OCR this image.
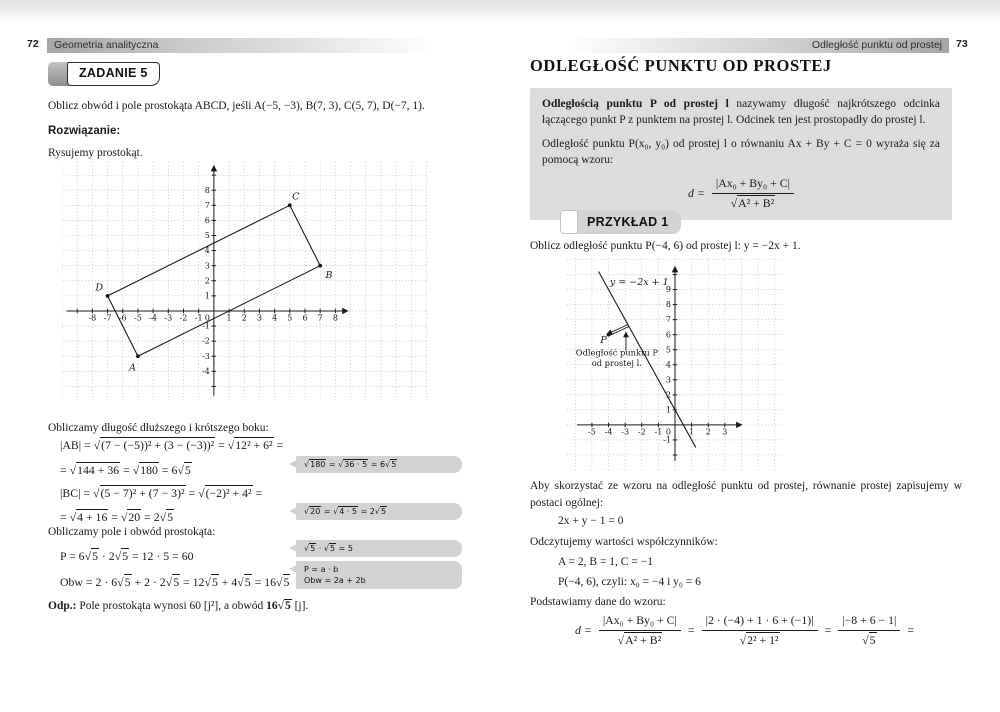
72	Geometria analityczna
ZADANIE 5
Oblicz obwód i pole prostokąta ABCD, jeśli A(−5, −3), B(7, 3), C(5, 7), D(−7, 1).
Rozwiązanie:
Rysujemy prostokąt.
-8 -7 -6 -5 -4 -3 -2 -1	1 2 3 4 5 6 7 8
-4
-3
-2
-1
1
2
3
4
5
6
7
8
0
A
B
C
D
Obliczamy długość dłuższego i krótszego boku:
|AB| = √(7 − (−5))² + (3 − (−3))² = √12² + 6² =
= √144 + 36 = √180 = 6√5
|BC| = √(5 − 7)² + (7 − 3)² = √(−2)² + 4² =
= √4 + 16 = √20 = 2√5
√180 = √36 · 5 = 6√5
√20 = √4 · 5 = 2√5
Obliczamy pole i obwód prostokąta:
P = 6√5 · 2√5 = 12 · 5 = 60
Obw = 2 · 6√5 + 2 · 2√5 = 12√5 + 4√5 = 16√5
√5 · √5 = 5
P = a · b
Obw = 2a + 2b
Odp.: Pole prostokąta wynosi 60 [j²], a obwód 16√5 [j].
73
Odległość punktu od prostej
ODLEGŁOŚĆ PUNKTU OD PROSTEJ

Odległością punktu P od prostej l nazywamy długość najkrótszego odcinka łączącego punkt P z punktem na prostej l. Odcinek ten jest prostopadły do prostej l.

Odległość punktu P(x₀, y₀) od prostej l o równaniu Ax + By + C = 0 wyraża się za pomocą wzoru:

$d = \frac{\text{|Ax₀ + By₀ + C|}}{\text{√A² + B²}}$
PRZYKŁAD 1
Oblicz odległość punktu P(−4, 6) od prostej l: y = −2x + 1.
-5 -4 -3 -2 -1	1 2 3
-1
1
2
3
4
5
6
7
8
9
0
y = −2x + 1
P
Odległość punktu P
od prostej l.
Aby skorzystać ze wzoru na odległość punktu od prostej, równanie prostej zapisujemy w postaci ogólnej:
2x + y − 1 = 0
Odczytujemy wartości współczynników:
A = 2, B = 1, C = −1
P(−4, 6), czyli: x₀ = −4 i y₀ = 6
Podstawiamy dane do wzoru:
$d = \frac{\text{|Ax₀ + By₀ + C|}}{\text{√A² + B²}} = \frac{|2 \cdot (-4) + 1 \cdot 6 + (-1)|}{\text{√2² + 1²}} = \frac{|-8 + 6 - 1|}{√5}$ =
